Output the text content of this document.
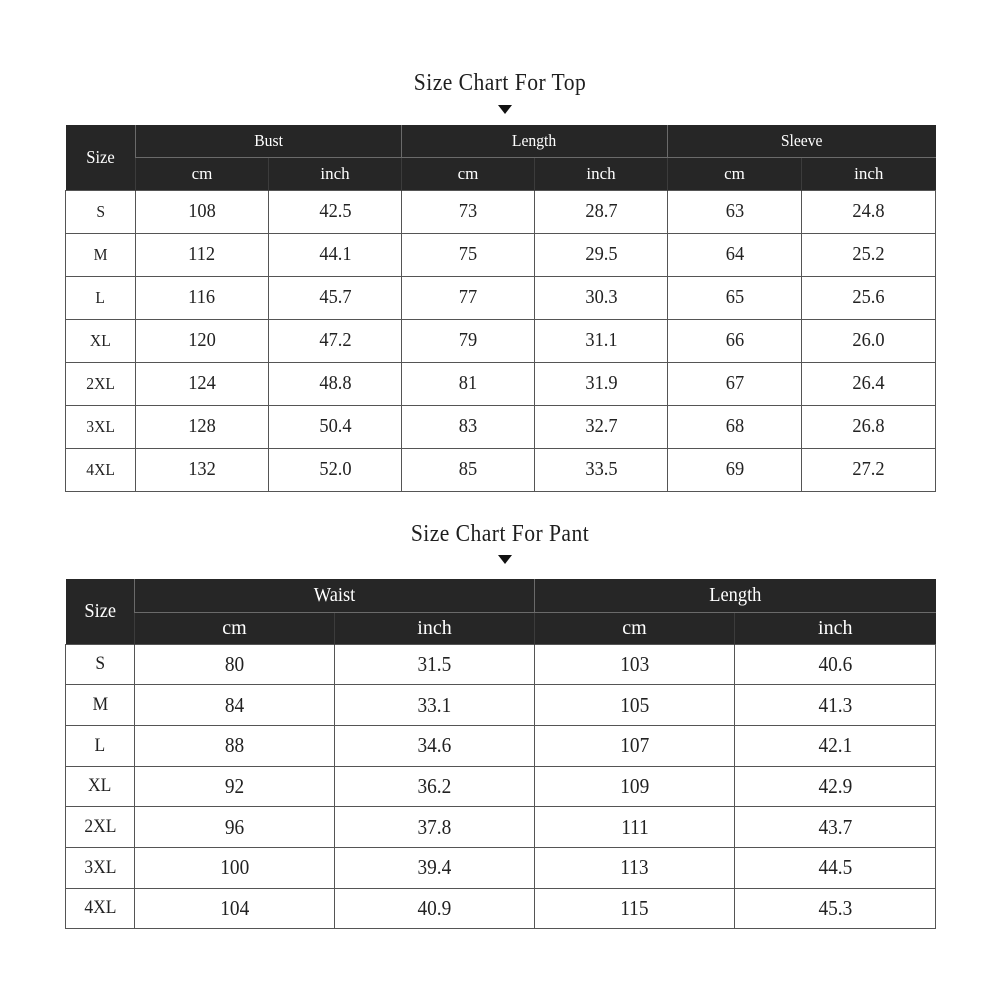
Size Chart For Top
Size	Bust		Length		Sleeve	
	cm	inch	cm	inch	cm	inch
S	108	42.5	73	28.7	63	24.8
M	112	44.1	75	29.5	64	25.2
L	116	45.7	77	30.3	65	25.6
XL	120	47.2	79	31.1	66	26.0
2XL	124	48.8	81	31.9	67	26.4
3XL	128	50.4	83	32.7	68	26.8
4XL	132	52.0	85	33.5	69	27.2
Size Chart For Pant
Size	Waist		Length	
	cm	inch	cm	inch
S	80	31.5	103	40.6
M	84	33.1	105	41.3
L	88	34.6	107	42.1
XL	92	36.2	109	42.9
2XL	96	37.8	111	43.7
3XL	100	39.4	113	44.5
4XL	104	40.9	115	45.3
